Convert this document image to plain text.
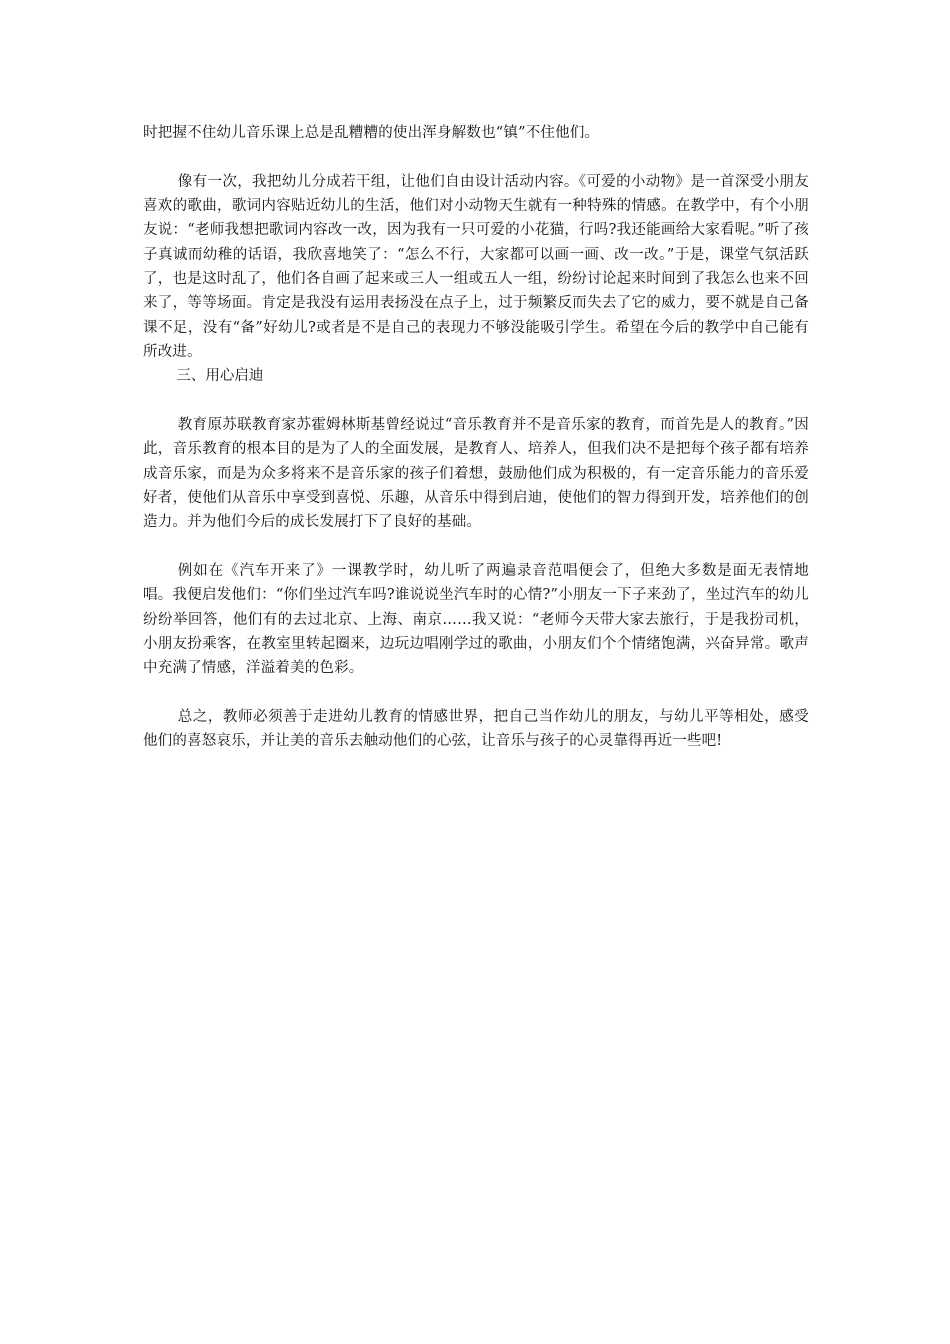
时把握不住幼儿音乐课上总是乱糟糟的使出浑身解数也“镇”不住他们。

像有一次，我把幼儿分成若干组，让他们自由设计活动内容。《可爱的小动物》是一首深受小朋友喜欢的歌曲，歌词内容贴近幼儿的生活，他们对小动物天生就有一种特殊的情感。在教学中，有个小朋友说：“老师我想把歌词内容改一改，因为我有一只可爱的小花猫，行吗?我还能画给大家看呢。”听了孩子真诚而幼稚的话语，我欣喜地笑了：“怎么不行，大家都可以画一画、改一改。”于是，课堂气氛活跃了，也是这时乱了，他们各自画了起来或三人一组或五人一组，纷纷讨论起来时间到了我怎么也来不回来了，等等场面。肯定是我没有运用表扬没在点子上，过于频繁反而失去了它的威力，要不就是自己备课不足，没有“备”好幼儿?或者是不是自己的表现力不够没能吸引学生。希望在今后的教学中自己能有所改进。

三、用心启迪

教育原苏联教育家苏霍姆林斯基曾经说过“音乐教育并不是音乐家的教育，而首先是人的教育。”因此，音乐教育的根本目的是为了人的全面发展，是教育人、培养人，但我们决不是把每个孩子都有培养成音乐家，而是为众多将来不是音乐家的孩子们着想，鼓励他们成为积极的，有一定音乐能力的音乐爱好者，使他们从音乐中享受到喜悦、乐趣，从音乐中得到启迪，使他们的智力得到开发，培养他们的创造力。并为他们今后的成长发展打下了良好的基础。

例如在《汽车开来了》一课教学时，幼儿听了两遍录音范唱便会了，但绝大多数是面无表情地唱。我便启发他们：“你们坐过汽车吗?谁说说坐汽车时的心情?”小朋友一下子来劲了，坐过汽车的幼儿纷纷举回答，他们有的去过北京、上海、南京……我又说：“老师今天带大家去旅行，于是我扮司机，小朋友扮乘客，在教室里转起圈来，边玩边唱刚学过的歌曲，小朋友们个个情绪饱满，兴奋异常。歌声中充满了情感，洋溢着美的色彩。

总之，教师必须善于走进幼儿教育的情感世界，把自己当作幼儿的朋友，与幼儿平等相处，感受他们的喜怒哀乐，并让美的音乐去触动他们的心弦，让音乐与孩子的心灵靠得再近一些吧!
